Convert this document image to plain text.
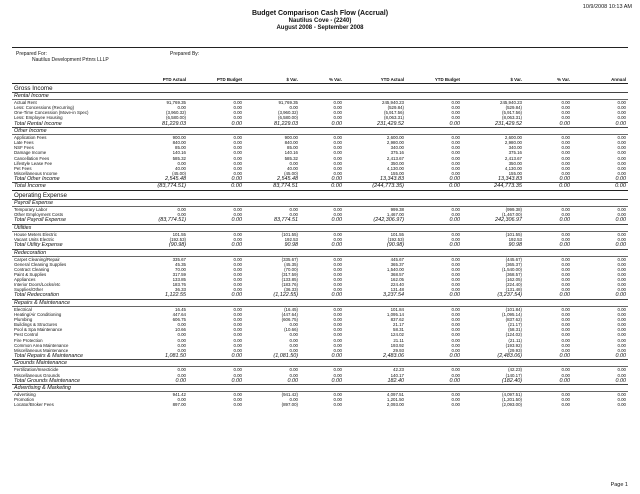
10/9/2008 10:13 AM
Budget Comparison Cash Flow (Accrual)
Nautilus Cove - (2240)
August 2008 - September 2008
Prepared For:
Nautilus Development Prtnrs LLLP
Prepared By:
	PTD Actual	PTD Budget	$ Var.	% Var.	YTD Actual	YTD Budget	$ Var.	% Var.	Annual
Gross Income									
Rental Income									
Actual Rent	91,769.35	0.00	91,769.35	0.00	245,940.23	0.00	245,940.23	0.00	0.00
Less: Concessions (Recurring)	0.00	0.00	0.00	0.00	(529.84)	0.00	(529.84)	0.00	0.00
One-Time Concession (Move-in Spec)	(3,960.32)	0.00	(3,960.32)	0.00	(5,917.56)	0.00	(5,917.56)	0.00	0.00
Less: Employee Housing	(6,580.00)	0.00	(6,580.00)	0.00	(8,063.31)	0.00	(8,063.31)	0.00	0.00
Total Rental Income	81,229.03	0.00	81,229.03	0.00	231,429.52	0.00	231,429.52	0.00	0.00
Other Income									
Application Fees	900.00	0.00	900.00	0.00	2,600.00	0.00	2,600.00	0.00	0.00
Late Fees	840.00	0.00	840.00	0.00	2,980.00	0.00	2,980.00	0.00	0.00
NSF Fees	85.00	0.00	85.00	0.00	340.00	0.00	340.00	0.00	0.00
Damage Income	140.16	0.00	140.16	0.00	375.16	0.00	375.16	0.00	0.00
Cancellation Fees	585.32	0.00	585.32	0.00	2,413.67	0.00	2,413.67	0.00	0.00
Lifestyle Lease Fee	0.00	0.00	0.00	0.00	350.00	0.00	350.00	0.00	0.00
Pet Fees	40.00	0.00	40.00	0.00	4,130.00	0.00	4,130.00	0.00	0.00
Miscellaneous Income	(45.00)	0.00	(45.00)	0.00	155.00	0.00	155.00	0.00	0.00
Total Other Income	2,545.48	0.00	2,545.48	0.00	13,343.83	0.00	13,343.83	0.00	0.00
Total Income	(83,774.51)	0.00	83,774.51	0.00	(244,773.35)	0.00	244,773.35	0.00	0.00
Operating Expense									
Payroll Expense									
Temporary Labor	0.00	0.00	0.00	0.00	999.38	0.00	(999.38)	0.00	0.00
Other Employment Costs	0.00	0.00	0.00	0.00	1,467.00	0.00	(1,467.00)	0.00	0.00
Total Payroll Expense	(83,774.51)	0.00	83,774.51	0.00	(242,306.97)	0.00	242,306.97	0.00	0.00
Utilities									
House Meters Electric	101.55	0.00	(101.55)	0.00	101.55	0.00	(101.55)	0.00	0.00
Vacant Units Electric	(192.53)	0.00	192.53	0.00	(192.53)	0.00	192.53	0.00	0.00
Total Utility Expense	(90.98)	0.00	90.98	0.00	(90.98)	0.00	90.98	0.00	0.00
Redecoration									
Carpet Cleaning/Repair	335.67	0.00	(335.67)	0.00	445.67	0.00	(445.67)	0.00	0.00
General Cleaning Supplies	45.35	0.00	(45.35)	0.00	365.37	0.00	(365.37)	0.00	0.00
Contract Cleaning	70.00	0.00	(70.00)	0.00	1,540.00	0.00	(1,540.00)	0.00	0.00
Paint & Supplies	317.59	0.00	(317.59)	0.00	368.57	0.00	(368.57)	0.00	0.00
Appliances	133.85	0.00	(133.85)	0.00	162.05	0.00	(162.05)	0.00	0.00
Interior Doors/Locks/etc	183.76	0.00	(183.76)	0.00	224.40	0.00	(224.40)	0.00	0.00
Supplies/Other	36.33	0.00	(36.33)	0.00	131.48	0.00	(131.48)	0.00	0.00
Total Redecoration	1,122.55	0.00	(1,122.55)	0.00	3,237.54	0.00	(3,237.54)	0.00	0.00
Repairs & Maintenance									
Electrical	16.45	0.00	(16.45)	0.00	101.84	0.00	(101.84)	0.00	0.00
Heating/Air Conditioning	447.64	0.00	(447.64)	0.00	1,095.14	0.00	(1,095.14)	0.00	0.00
Plumbing	606.75	0.00	(606.75)	0.00	837.62	0.00	(837.62)	0.00	0.00
Buildings & Structures	0.00	0.00	0.00	0.00	21.17	0.00	(21.17)	0.00	0.00
Pool & Spa Maintenance	10.66	0.00	(10.66)	0.00	58.31	0.00	(58.31)	0.00	0.00
Pest Control	0.00	0.00	0.00	0.00	124.02	0.00	(124.02)	0.00	0.00
Fire Protection	0.00	0.00	0.00	0.00	21.11	0.00	(21.11)	0.00	0.00
Common Area Maintenance	0.00	0.00	0.00	0.00	193.92	0.00	(193.92)	0.00	0.00
Miscellaneous Maintenance	0.00	0.00	0.00	0.00	29.93	0.00	(29.93)	0.00	0.00
Total Repairs & Maintenance	1,081.50	0.00	(1,081.50)	0.00	2,483.06	0.00	(2,483.06)	0.00	0.00
Grounds Maintenance									
Fertilization/Insecticide	0.00	0.00	0.00	0.00	42.23	0.00	(42.23)	0.00	0.00
Miscellaneous Grounds	0.00	0.00	0.00	0.00	140.17	0.00	(140.17)	0.00	0.00
Total Grounds Maintenance	0.00	0.00	0.00	0.00	182.40	0.00	(182.40)	0.00	0.00
Advertising & Marketing									
Advertising	941.42	0.00	(941.42)	0.00	4,097.51	0.00	(4,097.51)	0.00	0.00
Promotion	0.00	0.00	0.00	0.00	1,201.50	0.00	(1,201.50)	0.00	0.00
Locator/Broker Fees	897.00	0.00	(897.00)	0.00	2,093.00	0.00	(2,093.00)	0.00	0.00
Page 1
